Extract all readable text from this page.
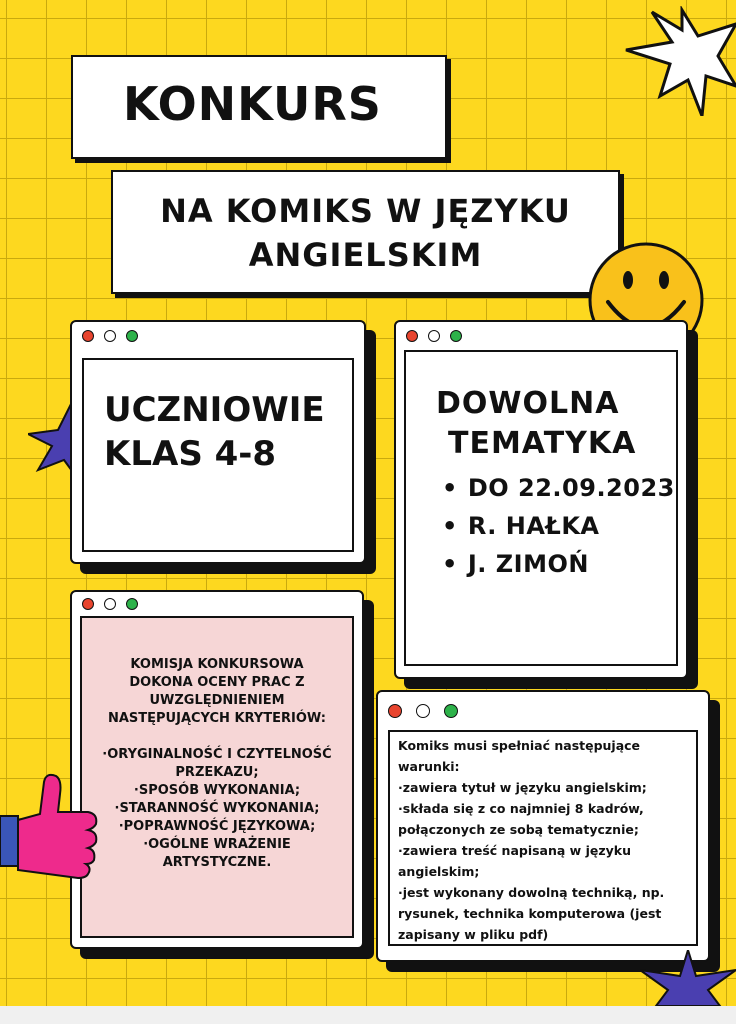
KONKURS
NA KOMIKS W JĘZYKU
ANGIELSKIM
UCZNIOWIE
KLAS 4-8
DOWOLNA
TEMATYKA
• DO 22.09.2023
• R. HAŁKA
• J. ZIMOŃ
KOMISJA KONKURSOWA
DOKONA OCENY PRAC Z
UWZGLĘDNIENIEM
NASTĘPUJĄCYCH KRYTERIÓW:
·ORYGINALNOŚĆ I CZYTELNOŚĆ
PRZEKAZU;
·SPOSÓB WYKONANIA;
·STARANNOŚĆ WYKONANIA;
·POPRAWNOŚĆ JĘZYKOWA;
·OGÓLNE WRAŻENIE
ARTYSTYCZNE.
Komiks musi spełniać następujące
warunki:
·zawiera tytuł w języku angielskim;
·składa się z co najmniej 8 kadrów,
połączonych ze sobą tematycznie;
·zawiera treść napisaną w języku
angielskim;
·jest wykonany dowolną techniką, np.
rysunek, technika komputerowa (jest
zapisany w pliku pdf)
